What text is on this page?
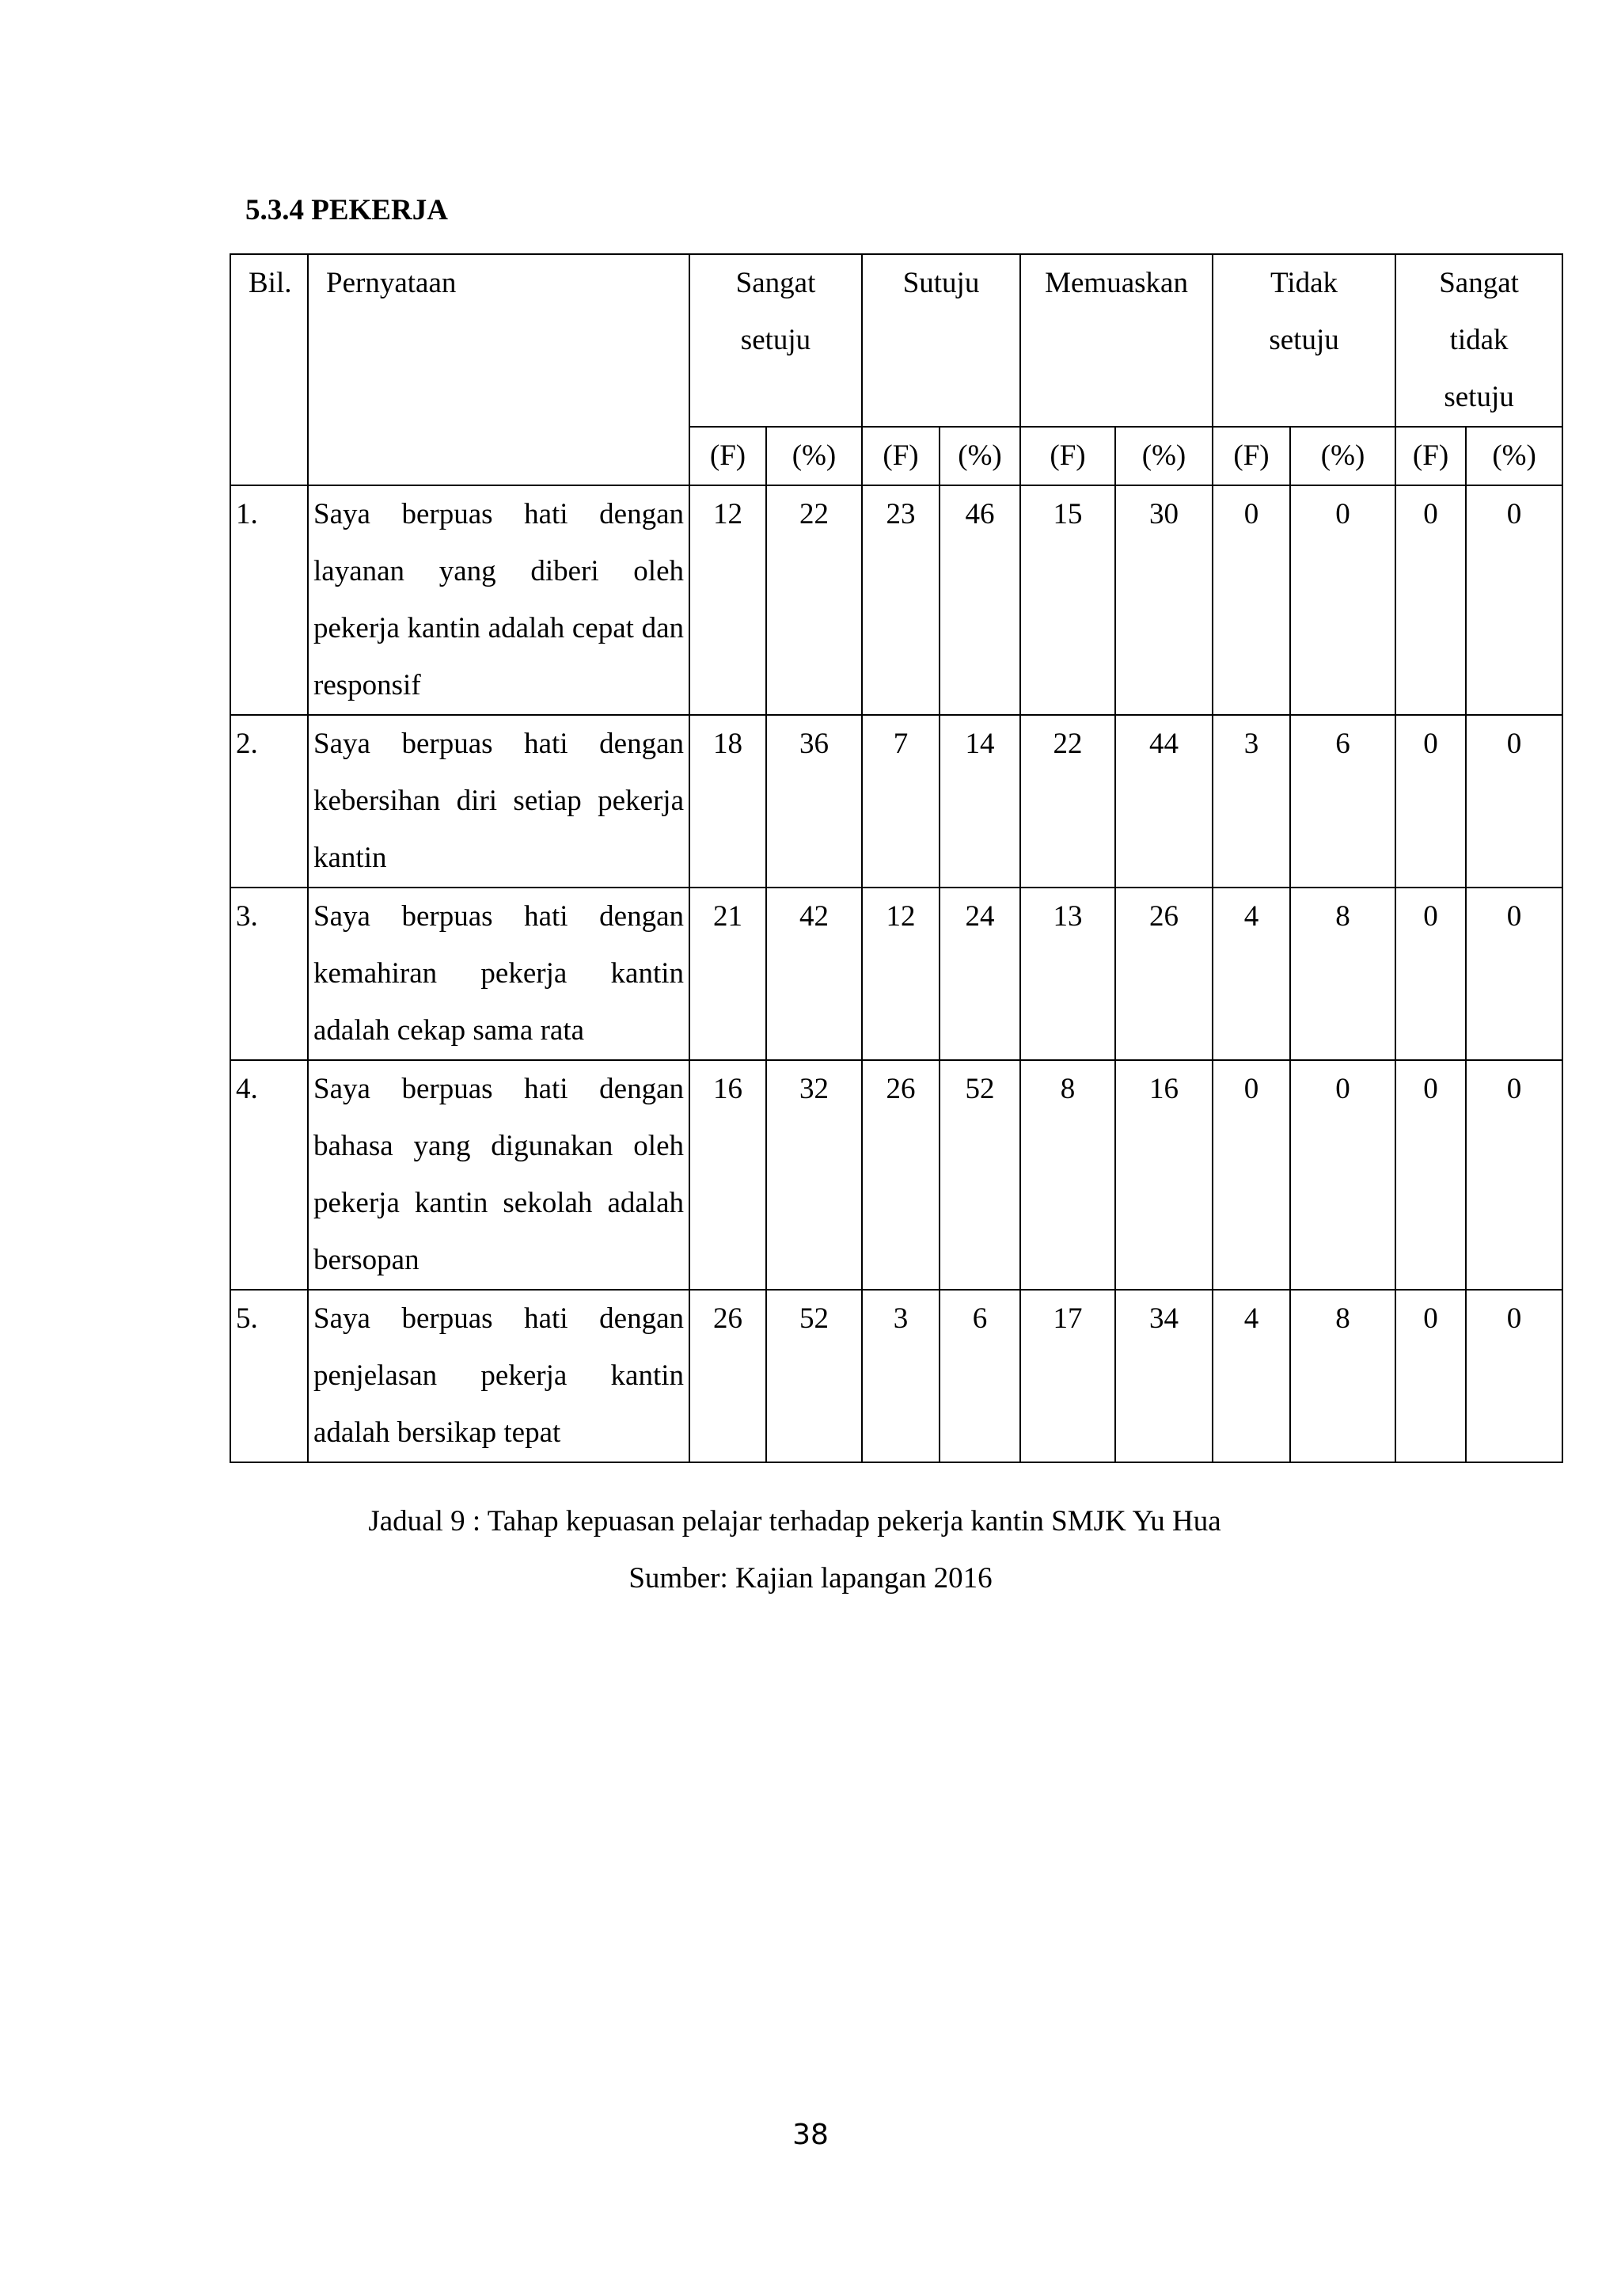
5.3.4 PEKERJA
Bil.	Pernyataan	Sangat setuju		Sutuju		Memuaskan		Tidak setuju		Sangat tidak setuju	
		(F)	(%)	(F)	(%)	(F)	(%)	(F)	(%)	(F)	(%)
1.	Saya berpuas hati dengan layanan yang diberi oleh pekerja kantin adalah cepat dan responsif	12	22	23	46	15	30	0	0	0	0
2.	Saya berpuas hati dengan kebersihan diri setiap pekerja kantin	18	36	7	14	22	44	3	6	0	0
3.	Saya berpuas hati dengan kemahiran pekerja kantin adalah cekap sama rata	21	42	12	24	13	26	4	8	0	0
4.	Saya berpuas hati dengan bahasa yang digunakan oleh pekerja kantin sekolah adalah bersopan	16	32	26	52	8	16	0	0	0	0
5.	Saya berpuas hati dengan penjelasan pekerja kantin adalah bersikap tepat	26	52	3	6	17	34	4	8	0	0
Jadual 9 : Tahap kepuasan pelajar terhadap pekerja kantin SMJK Yu Hua
Sumber: Kajian lapangan 2016
38
